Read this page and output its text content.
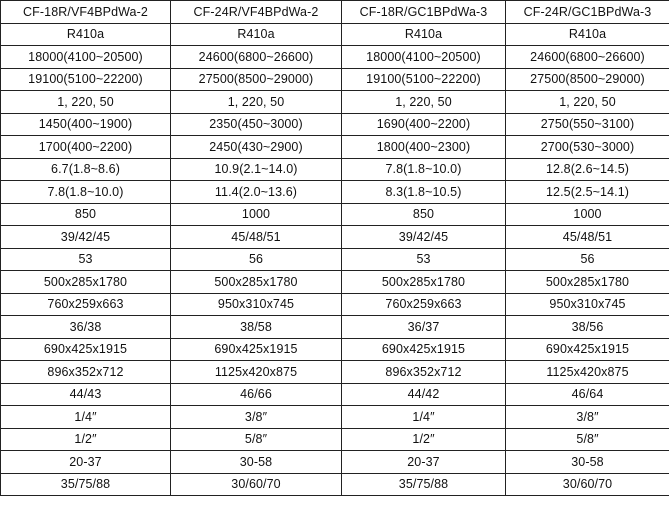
CF-18R/VF4BPdWa-2	CF-24R/VF4BPdWa-2	CF-18R/GC1BPdWa-3	CF-24R/GC1BPdWa-3
R410a	R410a	R410a	R410a
18000(4100~20500)	24600(6800~26600)	18000(4100~20500)	24600(6800~26600)
19100(5100~22200)	27500(8500~29000)	19100(5100~22200)	27500(8500~29000)
1, 220, 50	1, 220, 50	1, 220, 50	1, 220, 50
1450(400~1900)	2350(450~3000)	1690(400~2200)	2750(550~3100)
1700(400~2200)	2450(430~2900)	1800(400~2300)	2700(530~3000)
6.7(1.8~8.6)	10.9(2.1~14.0)	7.8(1.8~10.0)	12.8(2.6~14.5)
7.8(1.8~10.0)	11.4(2.0~13.6)	8.3(1.8~10.5)	12.5(2.5~14.1)
850	1000	850	1000
39/42/45	45/48/51	39/42/45	45/48/51
53	56	53	56
500x285x1780	500x285x1780	500x285x1780	500x285x1780
760x259x663	950x310x745	760x259x663	950x310x745
36/38	38/58	36/37	38/56
690x425x1915	690x425x1915	690x425x1915	690x425x1915
896x352x712	1125x420x875	896x352x712	1125x420x875
44/43	46/66	44/42	46/64
1/4″	3/8″	1/4″	3/8″
1/2″	5/8″	1/2″	5/8″
20-37	30-58	20-37	30-58
35/75/88	30/60/70	35/75/88	30/60/70
